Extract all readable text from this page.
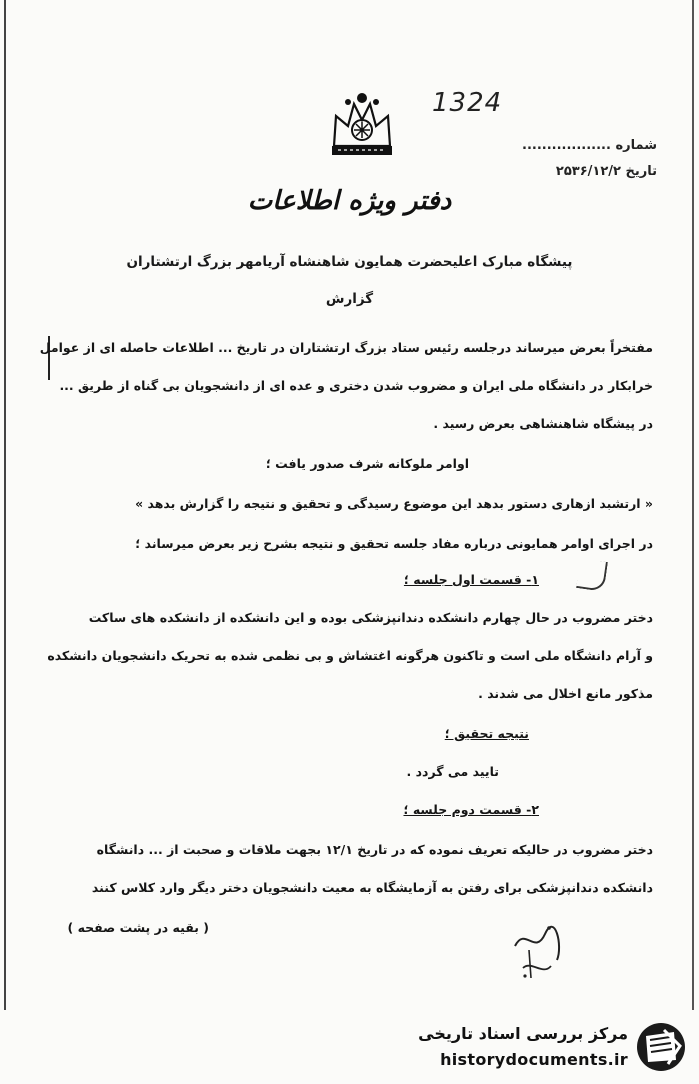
1324
شماره ..................
تاریخ ۲۵۳۶/۱۲/۲
دفتر ویژه اطلاعات
پیشگاه مبارک اعلیحضرت همایون شاهنشاه آریامهر بزرگ ارتشتاران
گزارش
مفتخراً بعرض میرساند درجلسه رئیس ستاد بزرگ ارتشتاران در تاریخ ... اطلاعات حاصله ای از عوامل
خرابکار در دانشگاه ملی ایران و مضروب شدن دختری و عده ای از دانشجویان بی گناه از طریق ...
در پیشگاه شاهنشاهی بعرض رسید .
اوامر ملوکانه شرف صدور یافت ؛
« ارتشبد ازهاری دستور بدهد این موضوع رسیدگی و تحقیق و نتیجه را گزارش بدهد »
در اجرای اوامر همایونی درباره مفاد جلسه تحقیق و نتیجه بشرح زیر بعرض میرساند ؛
۱- قسمت اول جلسه ؛
دختر مضروب در حال چهارم دانشکده دندانپزشکی بوده و این دانشکده از دانشکده های ساکت
و آرام دانشگاه ملی است و تاکنون هرگونه اغتشاش و بی نظمی شده به تحریک دانشجویان دانشکده
مذکور مانع اخلال می شدند .
نتیجه تحقیق ؛
تایید می گردد .
۲- قسمت دوم جلسه ؛
دختر مضروب در حالیکه تعریف نموده که در تاریخ ۱۲/۱ بجهت ملاقات و صحبت از ... دانشگاه
دانشکده دندانپزشکی برای رفتن به آزمایشگاه به معیت دانشجویان دختر دیگر وارد کلاس کنند
( بقیه در پشت صفحه )
مرکز بررسی اسناد تاریخی
historydocuments.ir
